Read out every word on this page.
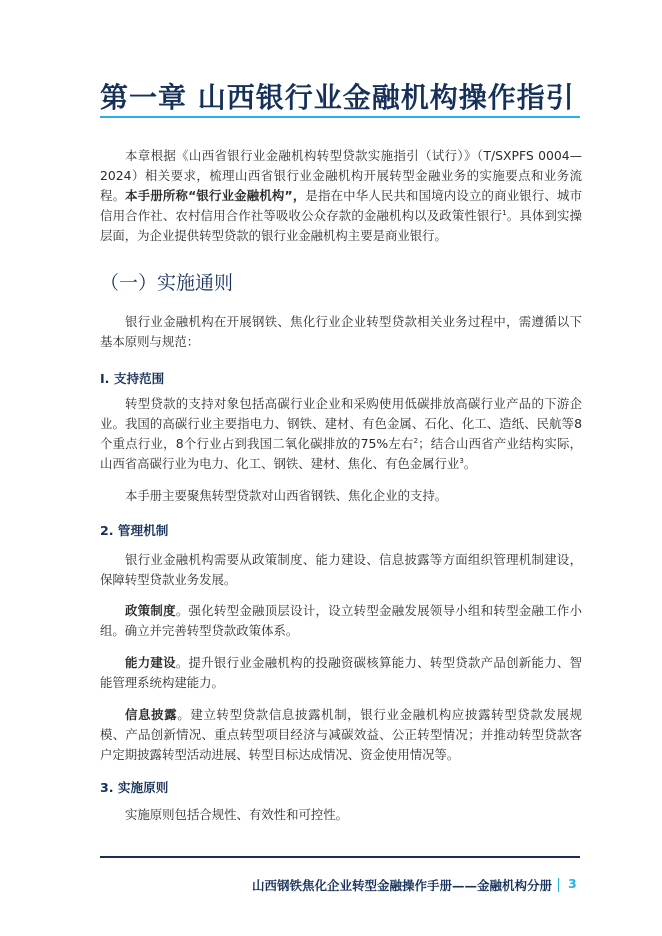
第一章 山西银行业金融机构操作指引

本章根据《山西省银行业金融机构转型贷款实施指引（试行）》（T/SXPFS 0004—2024）相关要求，梳理山西省银行业金融机构开展转型金融业务的实施要点和业务流程。本手册所称“银行业金融机构”，是指在中华人民共和国境内设立的商业银行、城市信用合作社、农村信用合作社等吸收公众存款的金融机构以及政策性银行$^1$。具体到实操层面，为企业提供转型贷款的银行业金融机构主要是商业银行。

（一）实施通则

银行业金融机构在开展钢铁、焦化行业企业转型贷款相关业务过程中，需遵循以下基本原则与规范：

I. 支持范围

转型贷款的支持对象包括高碳行业企业和采购使用低碳排放高碳行业产品的下游企业。我国的高碳行业主要指电力、钢铁、建材、有色金属、石化、化工、造纸、民航等8个重点行业，8个行业占到我国二氧化碳排放的75%左右$^2$；结合山西省产业结构实际，山西省高碳行业为电力、化工、钢铁、建材、焦化、有色金属行业$^3$。

本手册主要聚焦转型贷款对山西省钢铁、焦化企业的支持。

2. 管理机制

银行业金融机构需要从政策制度、能力建设、信息披露等方面组织管理机制建设，保障转型贷款业务发展。

政策制度。强化转型金融顶层设计，设立转型金融发展领导小组和转型金融工作小组。确立并完善转型贷款政策体系。

能力建设。提升银行业金融机构的投融资碳核算能力、转型贷款产品创新能力、智能管理系统构建能力。

信息披露。建立转型贷款信息披露机制，银行业金融机构应披露转型贷款发展规模、产品创新情况、重点转型项目经济与减碳效益、公正转型情况；并推动转型贷款客户定期披露转型活动进展、转型目标达成情况、资金使用情况等。

3. 实施原则

实施原则包括合规性、有效性和可控性。

山西钢铁焦化企业转型金融操作手册——金融机构分册 3
